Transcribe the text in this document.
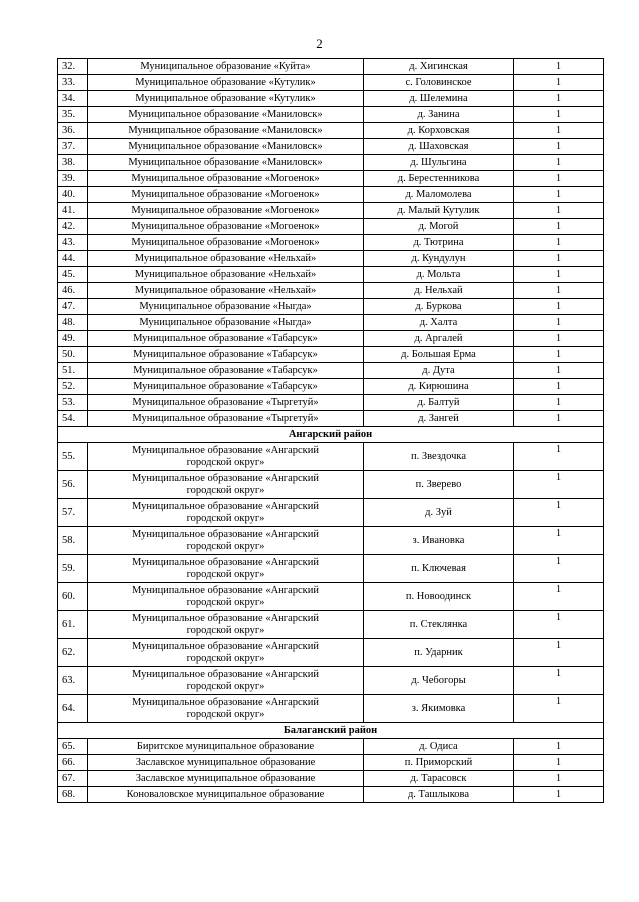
2
32.	Муниципальное образование «Куйта»	д. Хигинская	1
33.	Муниципальное образование «Кутулик»	с. Головинское	1
34.	Муниципальное образование «Кутулик»	д. Шелемина	1
35.	Муниципальное образование «Маниловск»	д. Занина	1
36.	Муниципальное образование «Маниловск»	д. Корховская	1
37.	Муниципальное образование «Маниловск»	д. Шаховская	1
38.	Муниципальное образование «Маниловск»	д. Шульгина	1
39.	Муниципальное образование «Могоенок»	д. Берестенникова	1
40.	Муниципальное образование «Могоенок»	д. Маломолева	1
41.	Муниципальное образование «Могоенок»	д. Малый Кутулик	1
42.	Муниципальное образование «Могоенок»	д. Могой	1
43.	Муниципальное образование «Могоенок»	д. Тютрина	1
44.	Муниципальное образование «Нельхай»	д. Кундулун	1
45.	Муниципальное образование «Нельхай»	д. Мольта	1
46.	Муниципальное образование «Нельхай»	д. Нельхай	1
47.	Муниципальное образование «Ныгда»	д. Буркова	1
48.	Муниципальное образование «Ныгда»	д. Халта	1
49.	Муниципальное образование «Табарсук»	д. Аргалей	1
50.	Муниципальное образование «Табарсук»	д. Большая Ерма	1
51.	Муниципальное образование «Табарсук»	д. Дута	1
52.	Муниципальное образование «Табарсук»	д. Кирюшина	1
53.	Муниципальное образование «Тыргетуй»	д. Балтуй	1
54.	Муниципальное образование «Тыргетуй»	д. Зангей	1
Ангарский район			
55.	Муниципальное образование «Ангарский
городской округ»	п. Звездочка	1
56.	Муниципальное образование «Ангарский
городской округ»	п. Зверево	1
57.	Муниципальное образование «Ангарский
городской округ»	д. Зуй	1
58.	Муниципальное образование «Ангарский
городской округ»	з. Ивановка	1
59.	Муниципальное образование «Ангарский
городской округ»	п. Ключевая	1
60.	Муниципальное образование «Ангарский
городской округ»	п. Новоодинск	1
61.	Муниципальное образование «Ангарский
городской округ»	п. Стеклянка	1
62.	Муниципальное образование «Ангарский
городской округ»	п. Ударник	1
63.	Муниципальное образование «Ангарский
городской округ»	д. Чебогоры	1
64.	Муниципальное образование «Ангарский
городской округ»	з. Якимовка	1
Балаганский район			
65.	Биритское муниципальное образование	д. Одиса	1
66.	Заславское муниципальное образование	п. Приморский	1
67.	Заславское муниципальное образование	д. Тарасовск	1
68.	Коноваловское муниципальное образование	д. Ташлыкова	1
